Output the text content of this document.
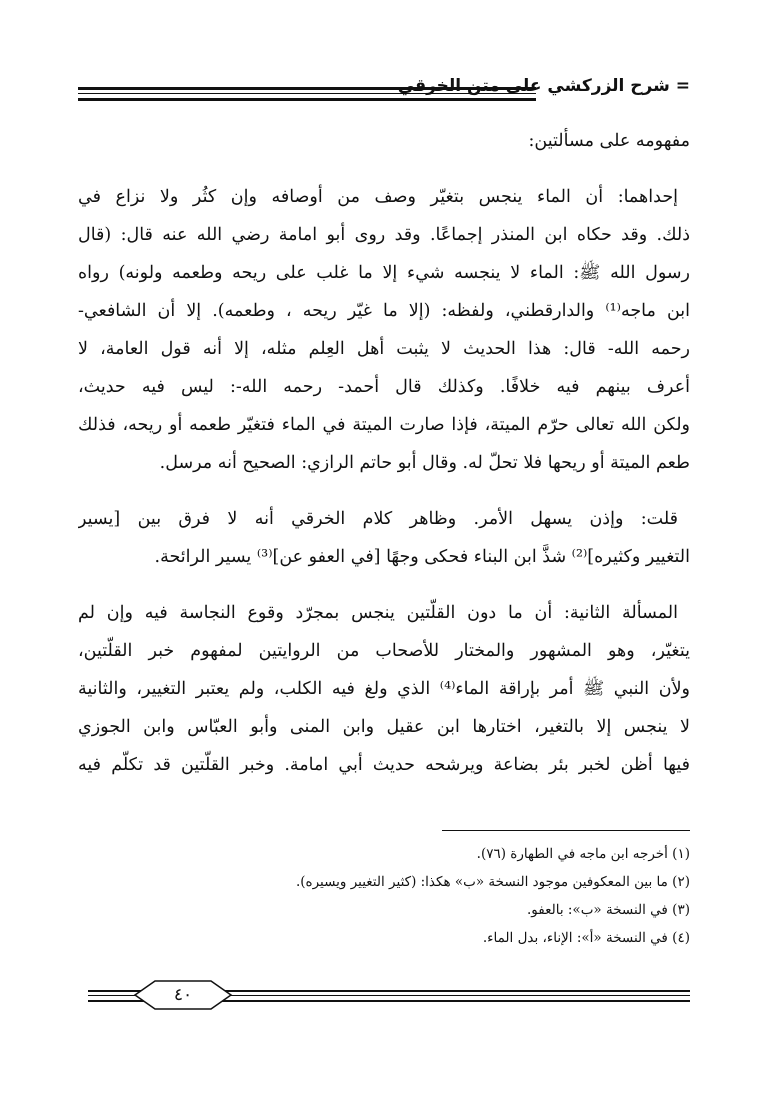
= شرح الزركشي على متن الخرقي
مفهومه على مسألتين:
إحداهما: أن الماء ينجس بتغيّر وصف من أوصافه وإن كثُر ولا نزاع في
ذلك. وقد حكاه ابن المنذر إجماعًا. وقد روى أبو امامة رضي الله عنه قال: (قال
رسول الله ﷺ: الماء لا ينجسه شيء إلا ما غلب على ريحه وطعمه ولونه) رواه
ابن ماجه⁽¹⁾ والدارقطني، ولفظه: (إلا ما غيّر ريحه ، وطعمه). إلا أن الشافعي-
رحمه الله- قال: هذا الحديث لا يثبت أهل العِلم مثله، إلا أنه قول العامة، لا
أعرف بينهم فيه خلافًا. وكذلك قال أحمد- رحمه الله-: ليس فيه حديث،
ولكن الله تعالى حرّم الميتة، فإذا صارت الميتة في الماء فتغيّر طعمه أو ريحه، فذلك
طعم الميتة أو ريحها فلا تحلّ له. وقال أبو حاتم الرازي: الصحيح أنه مرسل.
قلت: وإذن يسهل الأمر. وظاهر كلام الخرقي أنه لا فرق بين [يسير
التغيير وكثيره]⁽²⁾ شذَّ ابن البناء فحكى وجهًا [في العفو عن]⁽³⁾ يسير الرائحة.
المسألة الثانية: أن ما دون القلّتين ينجس بمجرّد وقوع النجاسة فيه وإن لم
يتغيّر، وهو المشهور والمختار للأصحاب من الروايتين لمفهوم خبر القلّتين،
ولأن النبي ﷺ أمر بإراقة الماء⁽⁴⁾ الذي ولغ فيه الكلب، ولم يعتبر التغيير، والثانية
لا ينجس إلا بالتغير، اختارها ابن عقيل وابن المنى وأبو العبّاس وابن الجوزي
فيها أظن لخبر بئر بضاعة ويرشحه حديث أبي امامة. وخبر القلّتين قد تكلّم فيه
(١) أخرجه ابن ماجه في الطهارة (٧٦).
(٢) ما بين المعكوفين موجود النسخة «ب» هكذا: (كثير التغيير ويسيره).
(٣) في النسخة «ب»: بالعفو.
(٤) في النسخة «أ»: الإناء، بدل الماء.
٤٠
